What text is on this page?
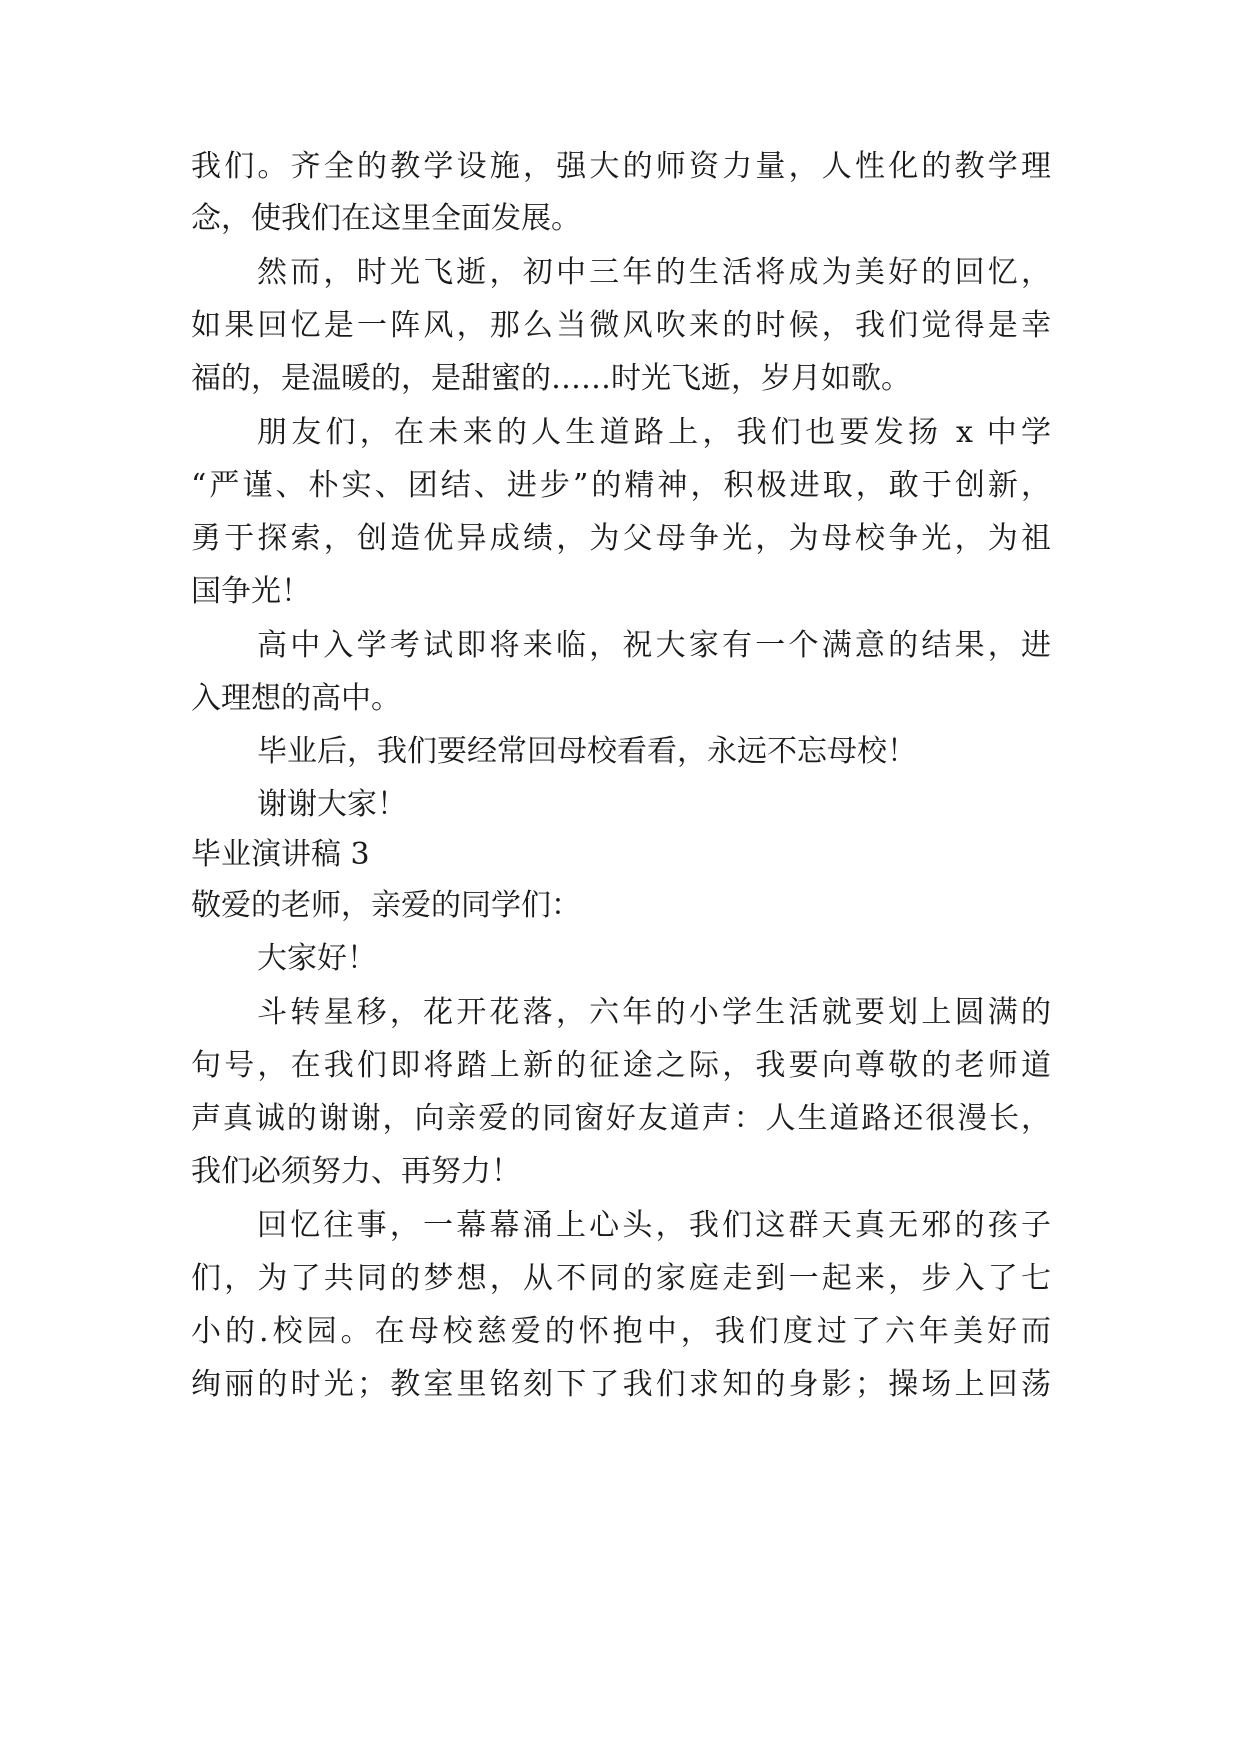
我们。齐全的教学设施，强大的师资力量，人性化的教学理
念，使我们在这里全面发展。
然而，时光飞逝，初中三年的生活将成为美好的回忆，
如果回忆是一阵风，那么当微风吹来的时候，我们觉得是幸
福的，是温暖的，是甜蜜的……时光飞逝，岁月如歌。
朋友们，在未来的人生道路上，我们也要发扬 x 中学
“严谨、朴实、团结、进步”的精神，积极进取，敢于创新，
勇于探索，创造优异成绩，为父母争光，为母校争光，为祖
国争光！
高中入学考试即将来临，祝大家有一个满意的结果，进
入理想的高中。
毕业后，我们要经常回母校看看，永远不忘母校！
谢谢大家！
毕业演讲稿 3
敬爱的老师，亲爱的同学们：
大家好！
斗转星移，花开花落，六年的小学生活就要划上圆满的
句号，在我们即将踏上新的征途之际，我要向尊敬的老师道
声真诚的谢谢，向亲爱的同窗好友道声：人生道路还很漫长，
我们必须努力、再努力！
回忆往事，一幕幕涌上心头，我们这群天真无邪的孩子
们，为了共同的梦想，从不同的家庭走到一起来，步入了七
小的.校园。在母校慈爱的怀抱中，我们度过了六年美好而
绚丽的时光；教室里铭刻下了我们求知的身影；操场上回荡
